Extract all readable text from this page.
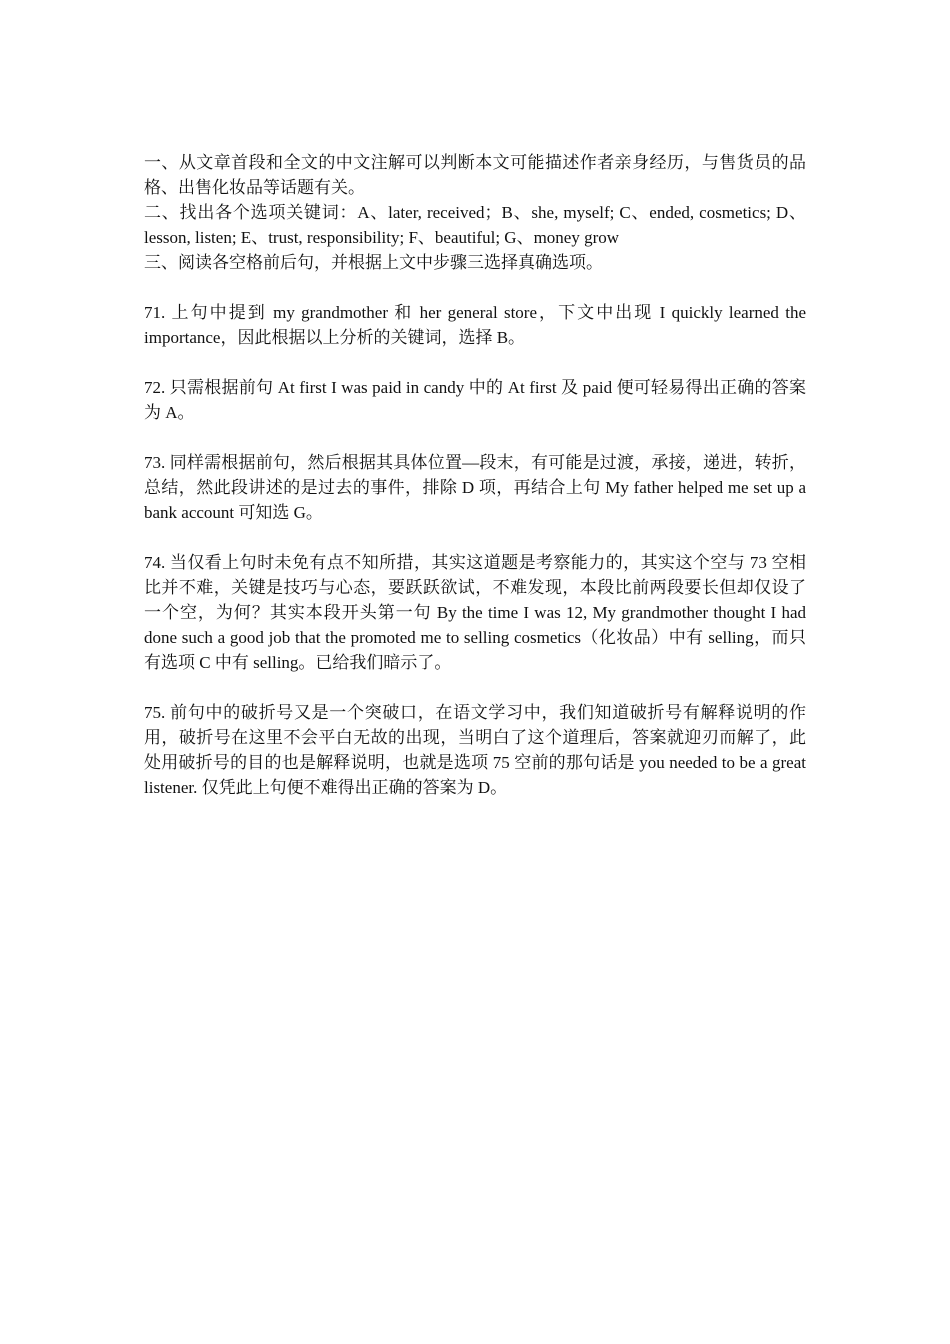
一、从文章首段和全文的中文注解可以判断本文可能描述作者亲身经历，与售货员的品格、出售化妆品等话题有关。

二、找出各个选项关键词：A、later, received；B、she, myself; C、ended, cosmetics; D、lesson, listen; E、trust, responsibility; F、beautiful; G、money grow

三、阅读各空格前后句，并根据上文中步骤三选择真确选项。

71. 上句中提到 my grandmother 和 her general store，下文中出现 I quickly learned the importance，因此根据以上分析的关键词，选择 B。

72. 只需根据前句 At first I was paid in candy 中的 At first 及 paid 便可轻易得出正确的答案为 A。

73. 同样需根据前句，然后根据其具体位置—段末，有可能是过渡，承接，递进，转折，总结，然此段讲述的是过去的事件，排除 D 项，再结合上句 My father helped me set up a bank account 可知选 G。

74. 当仅看上句时未免有点不知所措，其实这道题是考察能力的，其实这个空与 73 空相比并不难，关键是技巧与心态，要跃跃欲试，不难发现，本段比前两段要长但却仅设了一个空，为何？其实本段开头第一句 By the time I was 12, My grandmother thought I had done such a good job that the promoted me to selling cosmetics（化妆品）中有 selling，而只有选项 C 中有 selling。已给我们暗示了。

75. 前句中的破折号又是一个突破口，在语文学习中，我们知道破折号有解释说明的作用，破折号在这里不会平白无故的出现，当明白了这个道理后，答案就迎刃而解了，此处用破折号的目的也是解释说明，也就是选项 75 空前的那句话是 you needed to be a great listener. 仅凭此上句便不难得出正确的答案为 D。
